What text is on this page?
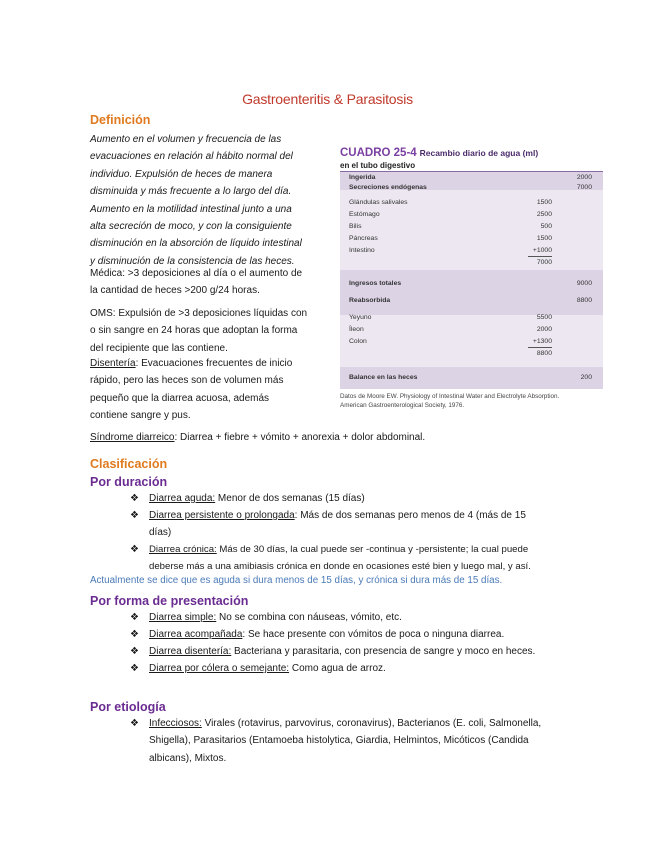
Gastroenteritis & Parasitosis
Definición
Aumento en el volumen y frecuencia de las
evacuaciones en relación al hábito normal del
individuo. Expulsión de heces de manera
disminuida y más frecuente a lo largo del día.
Aumento en la motilidad intestinal junto a una
alta secreción de moco, y con la consiguiente
disminución en la absorción de líquido intestinal
y disminución de la consistencia de las heces.
Médica: >3 deposiciones al día o el aumento de
la cantidad de heces >200 g/24 horas.
OMS: Expulsión de >3 deposiciones líquidas con
o sin sangre en 24 horas que adoptan la forma
del recipiente que las contiene.
Disentería: Evacuaciones frecuentes de inicio
rápido, pero las heces son de volumen más
pequeño que la diarrea acuosa, además
contiene sangre y pus.
Síndrome diarreico: Diarrea + fiebre + vómito + anorexia + dolor abdominal.
CUADRO 25-4 Recambio diario de agua (ml)
en el tubo digestivo
Ingerida	2000
Secreciones endógenas	7000
Glándulas salivales	1500
Estómago	2500
Bilis	500
Páncreas	1500
Intestino	+1000
7000
Ingresos totales	9000
Reabsorbida	8800
Yeyuno	5500
Íleon	2000
Colon	+1300
8800
Balance en las heces	200
Datos de Moore EW. Physiology of Intestinal Water and Electrolyte Absorption.
American Gastroenterological Society, 1976.
Clasificación
Por duración
❖	Diarrea aguda: Menor de dos semanas (15 días)
❖	Diarrea persistente o prolongada: Más de dos semanas pero menos de 4 (más de 15
días)
❖	Diarrea crónica: Más de 30 días, la cual puede ser -continua y -persistente; la cual puede
deberse más a una amibiasis crónica en donde en ocasiones esté bien y luego mal, y así.
Actualmente se dice que es aguda si dura menos de 15 días, y crónica si dura más de 15 días.
Por forma de presentación
❖	Diarrea simple: No se combina con náuseas, vómito, etc.
❖	Diarrea acompañada: Se hace presente con vómitos de poca o ninguna diarrea.
❖	Diarrea disentería: Bacteriana y parasitaria, con presencia de sangre y moco en heces.
❖	Diarrea por cólera o semejante: Como agua de arroz.
Por etiología
❖	Infecciosos: Virales (rotavirus, parvovirus, coronavirus), Bacterianos (E. coli, Salmonella,
Shigella), Parasitarios (Entamoeba histolytica, Giardia, Helmintos, Micóticos (Candida
albicans), Mixtos.
